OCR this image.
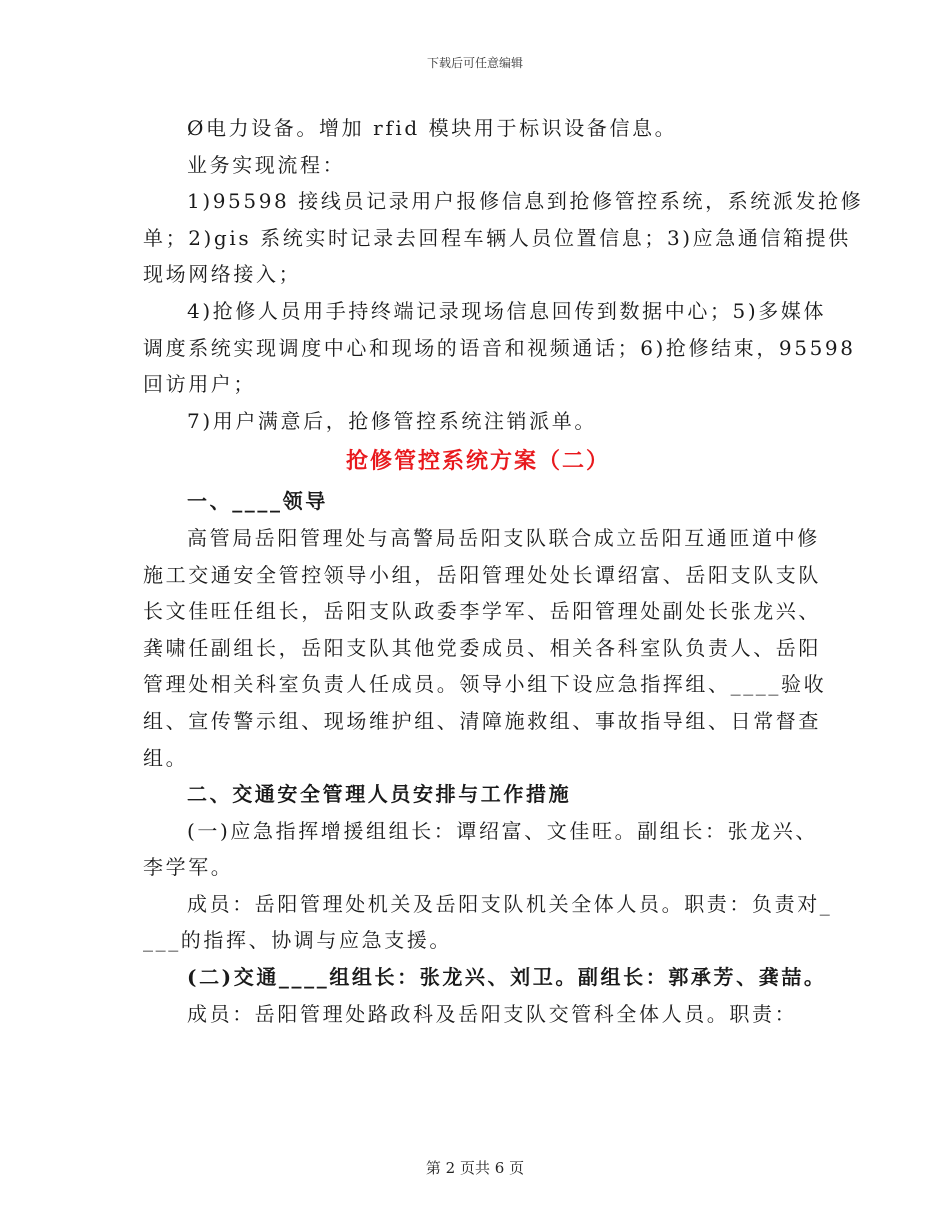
下载后可任意编辑
Ø电力设备。增加 rfid 模块用于标识设备信息。
业务实现流程：
1)95598 接线员记录用户报修信息到抢修管控系统，系统派发抢修
单；2)gis 系统实时记录去回程车辆人员位置信息；3)应急通信箱提供
现场网络接入；
4)抢修人员用手持终端记录现场信息回传到数据中心；5)多媒体
调度系统实现调度中心和现场的语音和视频通话；6)抢修结束，95598
回访用户；
7)用户满意后，抢修管控系统注销派单。
抢修管控系统方案（二）
一、____领导
高管局岳阳管理处与高警局岳阳支队联合成立岳阳互通匝道中修
施工交通安全管控领导小组，岳阳管理处处长谭绍富、岳阳支队支队
长文佳旺任组长，岳阳支队政委李学军、岳阳管理处副处长张龙兴、
龚啸任副组长，岳阳支队其他党委成员、相关各科室队负责人、岳阳
管理处相关科室负责人任成员。领导小组下设应急指挥组、____验收
组、宣传警示组、现场维护组、清障施救组、事故指导组、日常督查
组。
二、交通安全管理人员安排与工作措施
(一)应急指挥增援组组长：谭绍富、文佳旺。副组长：张龙兴、
李学军。
成员：岳阳管理处机关及岳阳支队机关全体人员。职责：负责对_
___的指挥、协调与应急支援。
(二)交通____组组长：张龙兴、刘卫。副组长：郭承芳、龚喆。
成员：岳阳管理处路政科及岳阳支队交管科全体人员。职责：
第 2 页共 6 页
